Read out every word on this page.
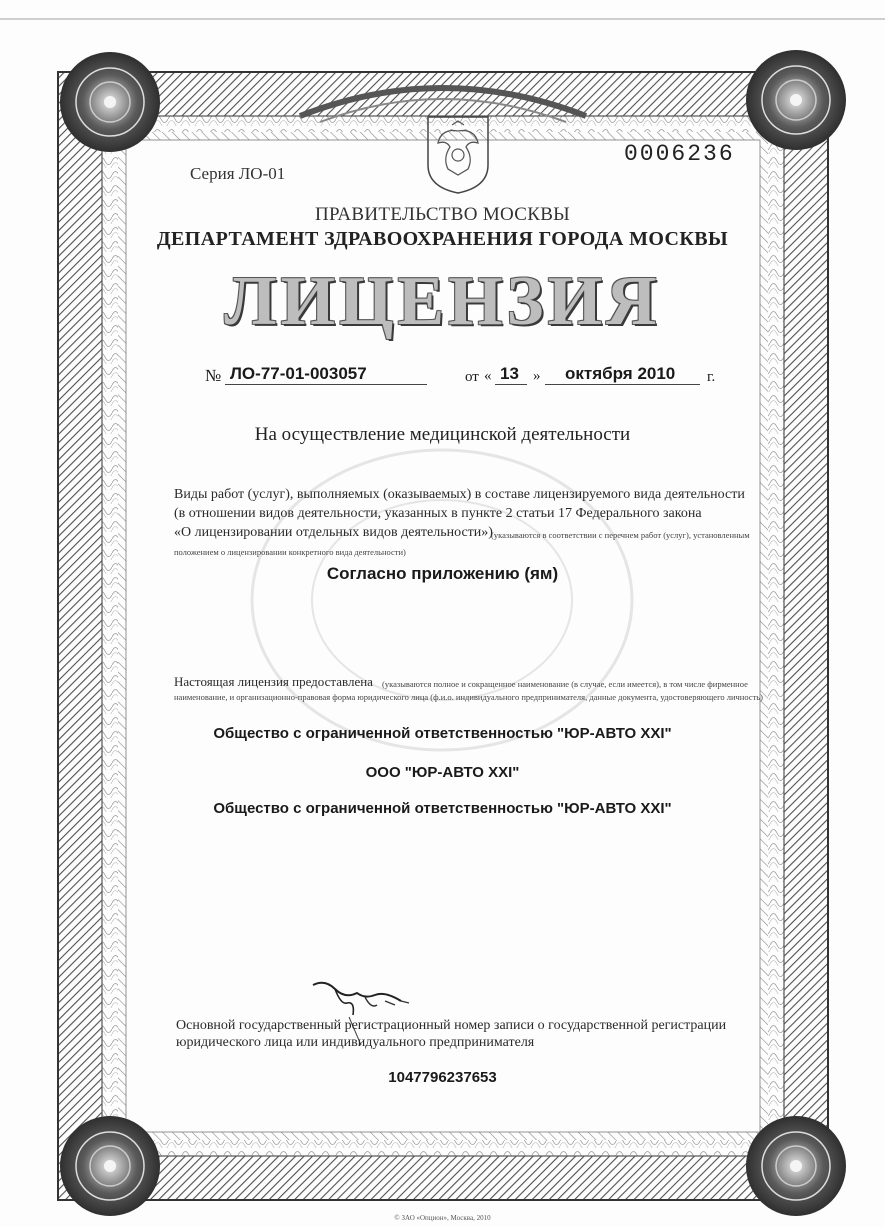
Серия ЛО-01
0006236
ПРАВИТЕЛЬСТВО МОСКВЫ
ДЕПАРТАМЕНТ ЗДРАВООХРАНЕНИЯ ГОРОДА МОСКВЫ
ЛИЦЕНЗИЯ
№ ЛО-77-01-003057	от « 13 » октября 2010 г.
На осуществление медицинской деятельности
Виды работ (услуг), выполняемых (оказываемых) в составе лицензируемого вида деятельности
(в отношении видов деятельности, указанных в пункте 2 статьи 17 Федерального закона
«О лицензировании отдельных видов деятельности»)
(указываются в соответствии с перечнем работ (услуг), установленным
положением о лицензировании конкретного вида деятельности)
Согласно приложению (ям)
Настоящая лицензия предоставлена (указываются полное и сокращенное наименование (в случае, если имеется), в том числе фирменное
наименование, и организационно-правовая форма юридического лица (ф.и.о. индивидуального предпринимателя, данные документа, удостоверяющего личность)
Общество с ограниченной ответственностью "ЮР-АВТО XXI"
ООО "ЮР-АВТО XXI"
Общество с ограниченной ответственностью "ЮР-АВТО XXI"
Основной государственный регистрационный номер записи о государственной регистрации
юридического лица или индивидуального предпринимателя
1047796237653
© ЗАО «Опцион», Москва, 2010
